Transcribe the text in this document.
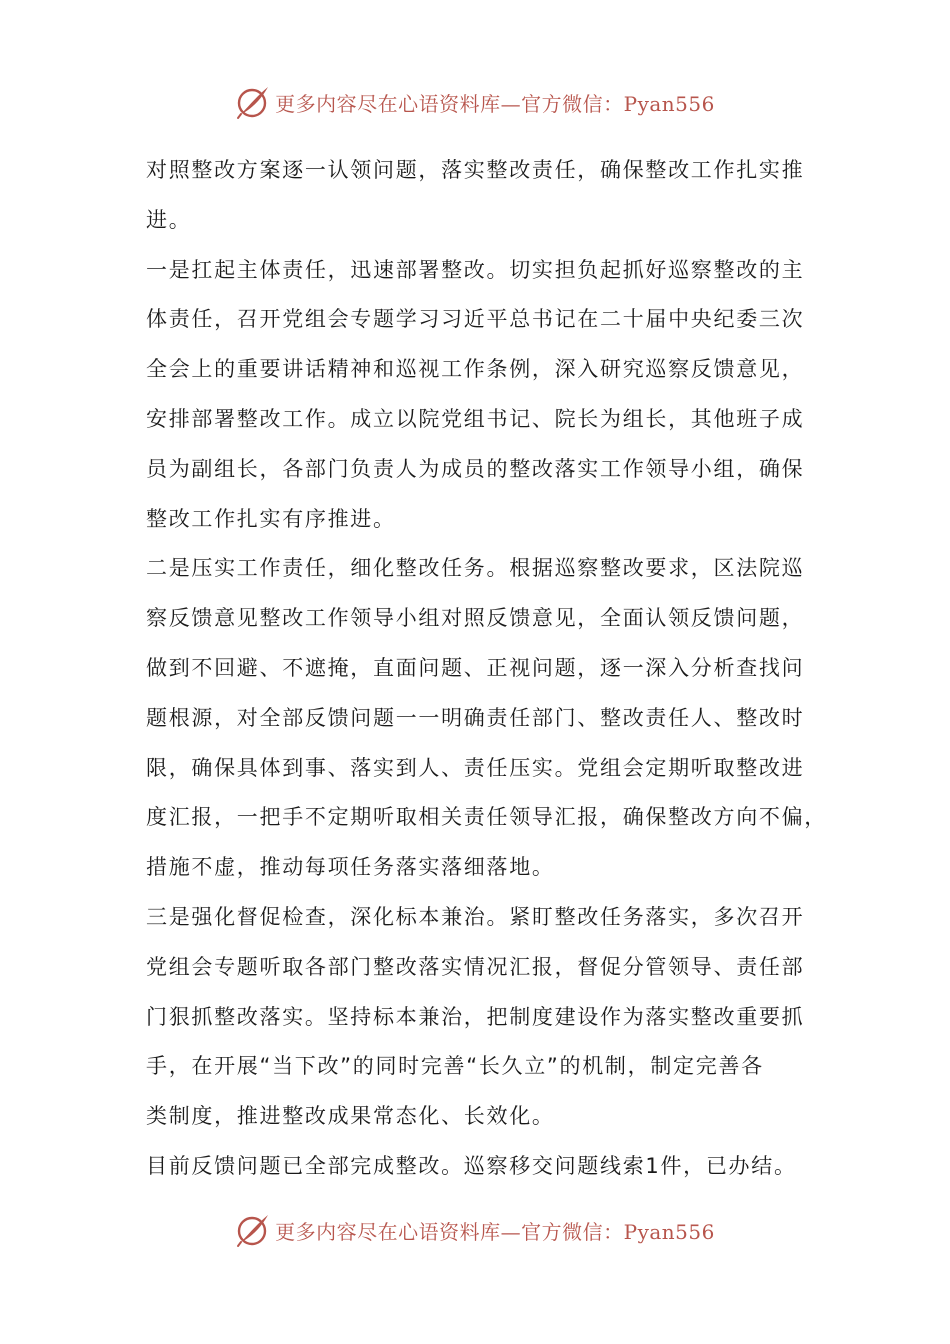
更多内容尽在心语资料库—官方微信：Pyan556
对照整改方案逐一认领问题，落实整改责任，确保整改工作扎实推
进。
一是扛起主体责任，迅速部署整改。切实担负起抓好巡察整改的主
体责任，召开党组会专题学习习近平总书记在二十届中央纪委三次
全会上的重要讲话精神和巡视工作条例，深入研究巡察反馈意见，
安排部署整改工作。成立以院党组书记、院长为组长，其他班子成
员为副组长，各部门负责人为成员的整改落实工作领导小组，确保
整改工作扎实有序推进。
二是压实工作责任，细化整改任务。根据巡察整改要求，区法院巡
察反馈意见整改工作领导小组对照反馈意见，全面认领反馈问题，
做到不回避、不遮掩，直面问题、正视问题，逐一深入分析查找问
题根源，对全部反馈问题一一明确责任部门、整改责任人、整改时
限，确保具体到事、落实到人、责任压实。党组会定期听取整改进
度汇报，一把手不定期听取相关责任领导汇报，确保整改方向不偏，
措施不虚，推动每项任务落实落细落地。
三是强化督促检查，深化标本兼治。紧盯整改任务落实，多次召开
党组会专题听取各部门整改落实情况汇报，督促分管领导、责任部
门狠抓整改落实。坚持标本兼治，把制度建设作为落实整改重要抓
手，在开展“当下改”的同时完善“长久立”的机制，制定完善各
类制度，推进整改成果常态化、长效化。
目前反馈问题已全部完成整改。巡察移交问题线索1件，已办结。
更多内容尽在心语资料库—官方微信：Pyan556
